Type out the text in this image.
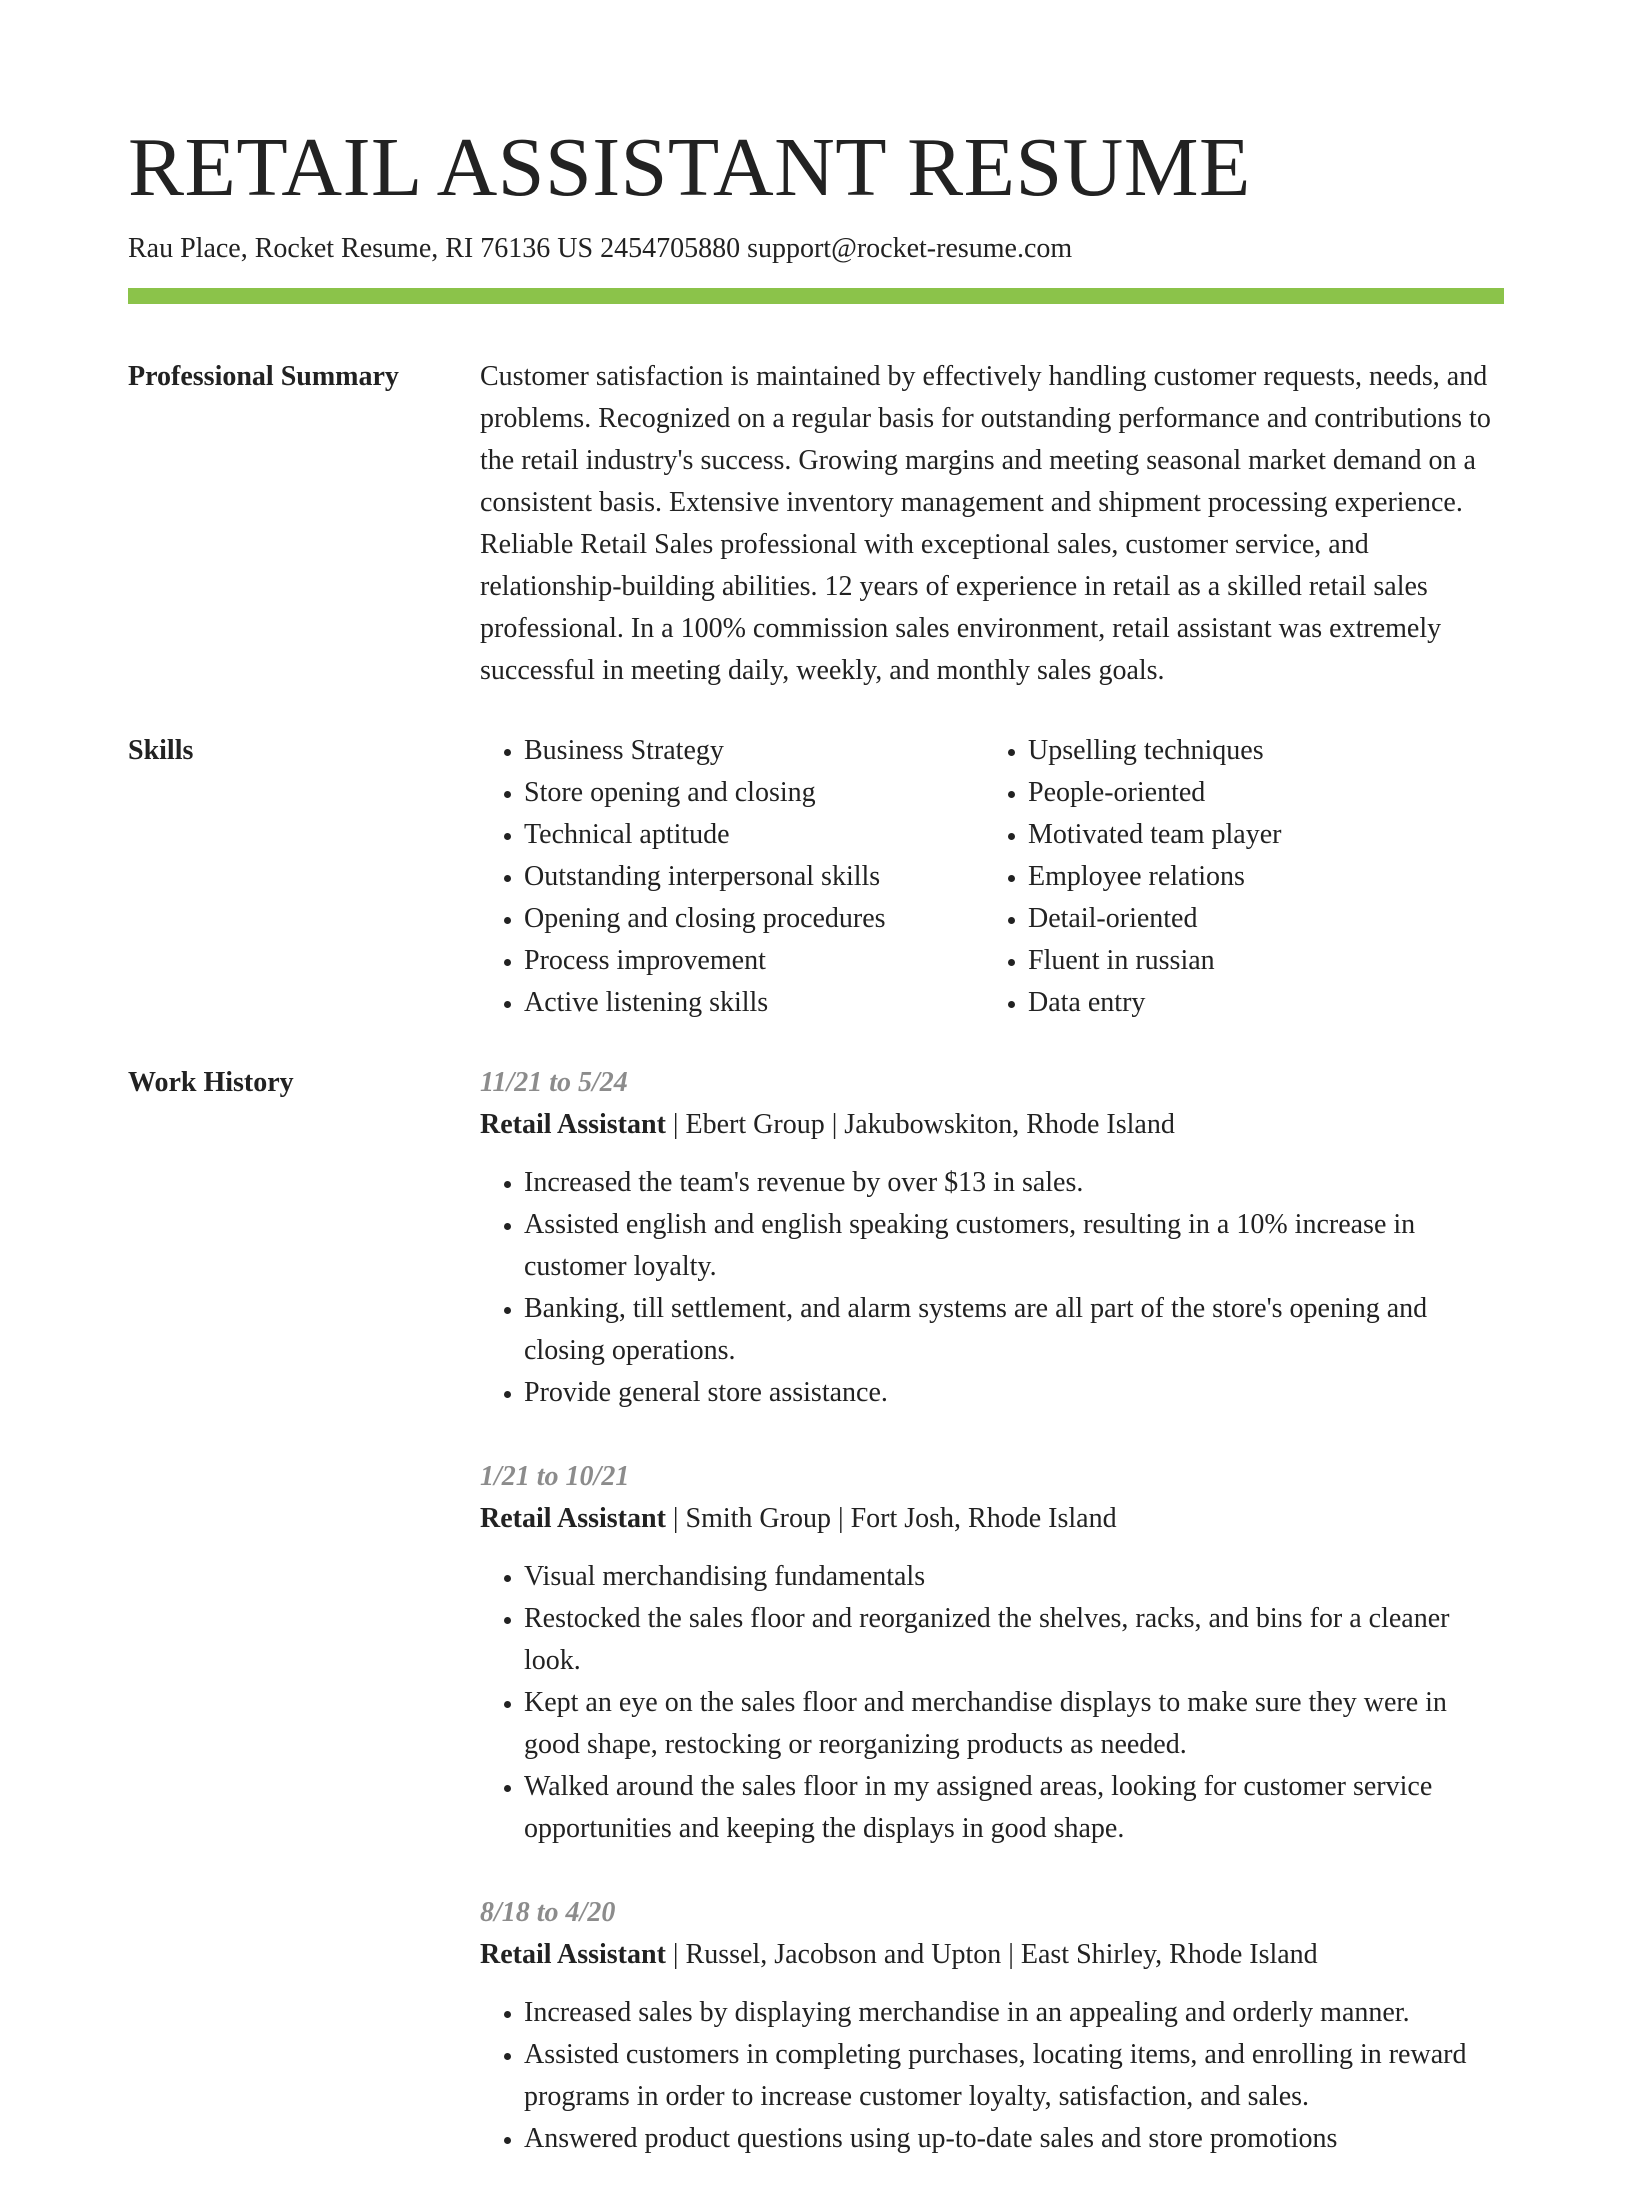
RETAIL ASSISTANT RESUME
Rau Place, Rocket Resume, RI 76136 US 2454705880 support@rocket-resume.com
Professional Summary	Customer satisfaction is maintained by effectively handling customer requests, needs, and problems. Recognized on a regular basis for outstanding performance and contributions to the retail industry's success. Growing margins and meeting seasonal market demand on a consistent basis. Extensive inventory management and shipment processing experience. Reliable Retail Sales professional with exceptional sales, customer service, and relationship-building abilities. 12 years of experience in retail as a skilled retail sales professional. In a 100% commission sales environment, retail assistant was extremely successful in meeting daily, weekly, and monthly sales goals.

Skills
•	Business Strategy
• Store opening and closing
• Technical aptitude
• Outstanding interpersonal skills
• Opening and closing procedures
• Process improvement
• Active listening skills
• Upselling techniques
• People-oriented
• Motivated team player
• Employee relations
• Detail-oriented
• Fluent in russian
• Data entry
Work History	11/21 to 5/24
Retail Assistant | Ebert Group | Jakubowskiton, Rhode Island
• Increased the team's revenue by over $13 in sales.
• Assisted english and english speaking customers, resulting in a 10% increase in customer loyalty.
• Banking, till settlement, and alarm systems are all part of the store's opening and closing operations.
• Provide general store assistance.
1/21 to 10/21
Retail Assistant | Smith Group | Fort Josh, Rhode Island
• Visual merchandising fundamentals
• Restocked the sales floor and reorganized the shelves, racks, and bins for a cleaner look.
• Kept an eye on the sales floor and merchandise displays to make sure they were in good shape, restocking or reorganizing products as needed.
• Walked around the sales floor in my assigned areas, looking for customer service opportunities and keeping the displays in good shape.
8/18 to 4/20
Retail Assistant | Russel, Jacobson and Upton | East Shirley, Rhode Island
• Increased sales by displaying merchandise in an appealing and orderly manner.
• Assisted customers in completing purchases, locating items, and enrolling in reward programs in order to increase customer loyalty, satisfaction, and sales.
• Answered product questions using up-to-date sales and store promotions
